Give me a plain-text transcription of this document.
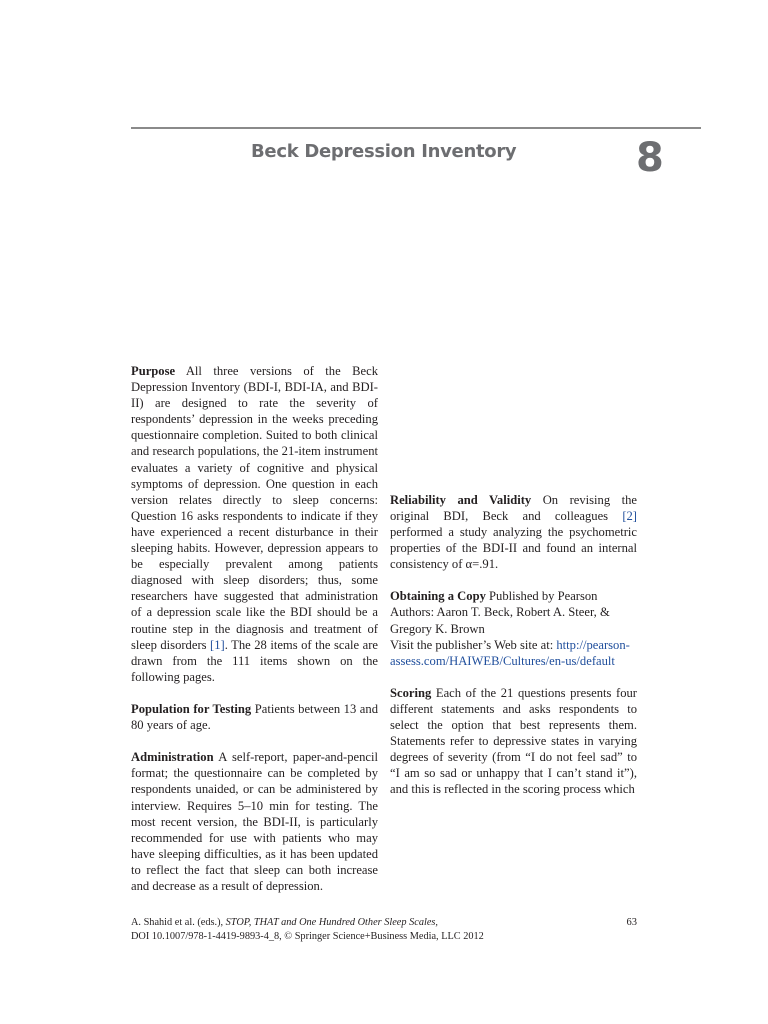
Beck Depression Inventory	8

Purpose All three versions of the Beck Depression Inventory (BDI-I, BDI-IA, and BDI-II) are designed to rate the severity of respondents’ depression in the weeks preceding questionnaire completion. Suited to both clinical and research populations, the 21-item instrument evaluates a variety of cognitive and physical symptoms of depression. One question in each version relates directly to sleep concerns: Question 16 asks respondents to indicate if they have experienced a recent disturbance in their sleeping habits. However, depression appears to be especially prevalent among patients diagnosed with sleep disorders; thus, some researchers have suggested that administration of a depression scale like the BDI should be a routine step in the diagnosis and treatment of sleep disorders [1]. The 28 items of the scale are drawn from the 111 items shown on the following pages.

Population for Testing Patients between 13 and 80 years of age.

Administration A self-report, paper-and-pencil format; the questionnaire can be completed by respondents unaided, or can be administered by interview. Requires 5–10 min for testing. The most recent version, the BDI-II, is particularly recommended for use with patients who may have sleeping difficulties, as it has been updated to reflect the fact that sleep can both increase and decrease as a result of depression.

Reliability and Validity On revising the original BDI, Beck and colleagues [2] performed a study analyzing the psychometric properties of the BDI-II and found an internal consistency of α=.91.

Obtaining a Copy Published by Pearson
Authors: Aaron T. Beck, Robert A. Steer, &
Gregory K. Brown
Visit the publisher’s Web site at: http://pearson-
assess.com/HAIWEB/Cultures/en-us/default

Scoring Each of the 21 questions presents four different statements and asks respondents to select the option that best represents them. Statements refer to depressive states in varying degrees of severity (from “I do not feel sad” to “I am so sad or unhappy that I can’t stand it”), and this is reflected in the scoring process which

A. Shahid et al. (eds.), STOP, THAT and One Hundred Other Sleep Scales,
DOI 10.1007/978-1-4419-9893-4_8, © Springer Science+Business Media, LLC 2012
63
